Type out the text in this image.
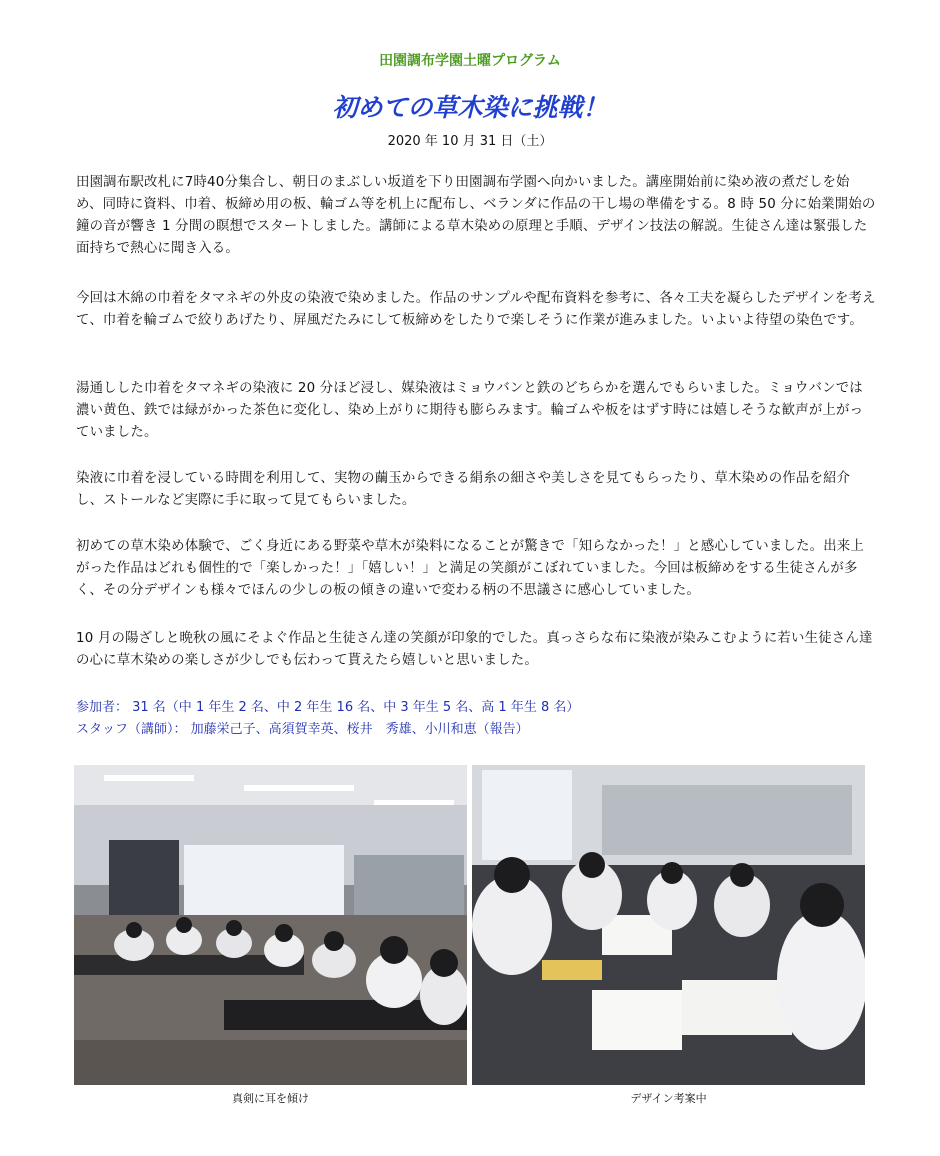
田園調布学園土曜プログラム
初めての草木染に挑戦！
2020 年 10 月 31 日（土）

田園調布駅改札に7時40分集合し、朝日のまぶしい坂道を下り田園調布学園へ向かいました。講座開始前に染め液の煮だしを始め、同時に資料、巾着、板締め用の板、輪ゴム等を机上に配布し、ベランダに作品の干し場の準備をする。8 時 50 分に始業開始の鐘の音が響き 1 分間の瞑想でスタートしました。講師による草木染めの原理と手順、デザイン技法の解説。生徒さん達は緊張した面持ちで熱心に聞き入る。

今回は木綿の巾着をタマネギの外皮の染液で染めました。作品のサンプルや配布資料を参考に、各々工夫を凝らしたデザインを考えて、巾着を輪ゴムで絞りあげたり、屏風だたみにして板締めをしたりで楽しそうに作業が進みました。いよいよ待望の染色です。

湯通しした巾着をタマネギの染液に 20 分ほど浸し、媒染液はミョウバンと鉄のどちらかを選んでもらいました。ミョウバンでは濃い黄色、鉄では緑がかった茶色に変化し、染め上がりに期待も膨らみます。輪ゴムや板をはずす時には嬉しそうな歓声が上がっていました。

染液に巾着を浸している時間を利用して、実物の繭玉からできる絹糸の細さや美しさを見てもらったり、草木染めの作品を紹介し、ストールなど実際に手に取って見てもらいました。

初めての草木染め体験で、ごく身近にある野菜や草木が染料になることが驚きで「知らなかった！」と感心していました。出来上がった作品はどれも個性的で「楽しかった！」「嬉しい！」と満足の笑顔がこぼれていました。今回は板締めをする生徒さんが多く、その分デザインも様々でほんの少しの板の傾きの違いで変わる柄の不思議さに感心していました。

10 月の陽ざしと晩秋の風にそよぐ作品と生徒さん達の笑顔が印象的でした。真っさらな布に染液が染みこむように若い生徒さん達の心に草木染めの楽しさが少しでも伝わって貰えたら嬉しいと思いました。

参加者： 31 名（中 1 年生 2 名、中 2 年生 16 名、中 3 年生 5 名、高 1 年生 8 名）
スタッフ（講師）： 加藤栄己子、高須賀幸英、桜井　秀雄、小川和恵（報告）
真剣に耳を傾け	デザイン考案中
